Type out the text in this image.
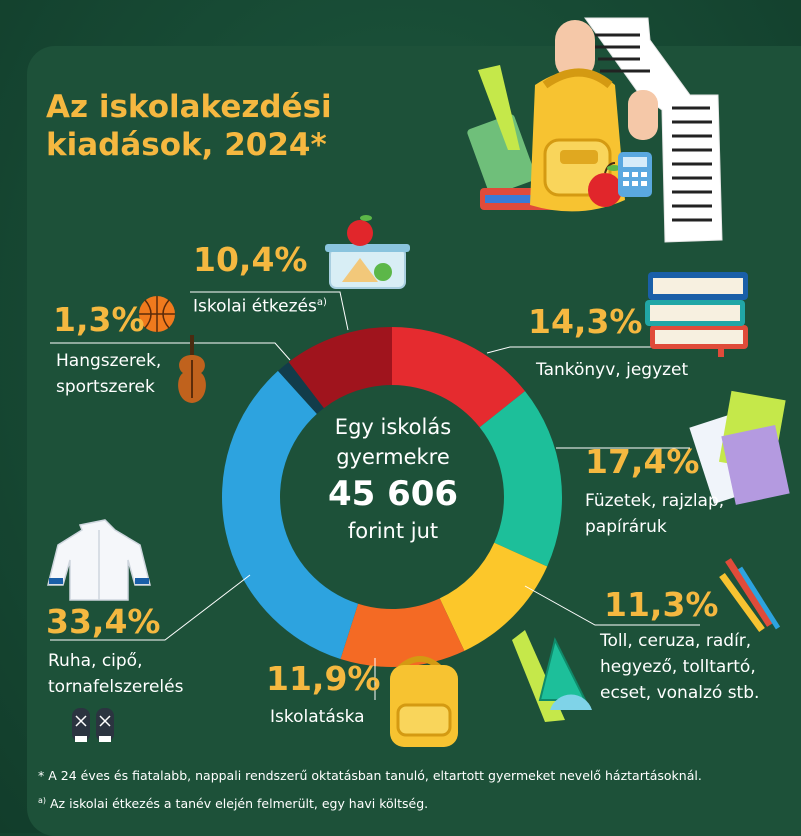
Az iskolakezdési
kiadások, 2024*
Egy iskolás
gyermekre
45 606
forint jut
14,3%
Tankönyv, jegyzet
17,4%
Füzetek, rajzlap,
papíráruk
11,3%
Toll, ceruza, radír,
hegyező, tolltartó,
ecset, vonalzó stb.
11,9%
Iskolatáska
33,4%
Ruha, cipő,
tornafelszerelés
1,3%
Hangszerek,
sportszerek
10,4%
Iskolai étkezés$^{a)}$
* A 24 éves és fiatalabb, nappali rendszerű oktatásban tanuló, eltartott gyermeket nevelő háztartásoknál.
$^{a)}$ Az iskolai étkezés a tanév elején felmerült, egy havi költség.
